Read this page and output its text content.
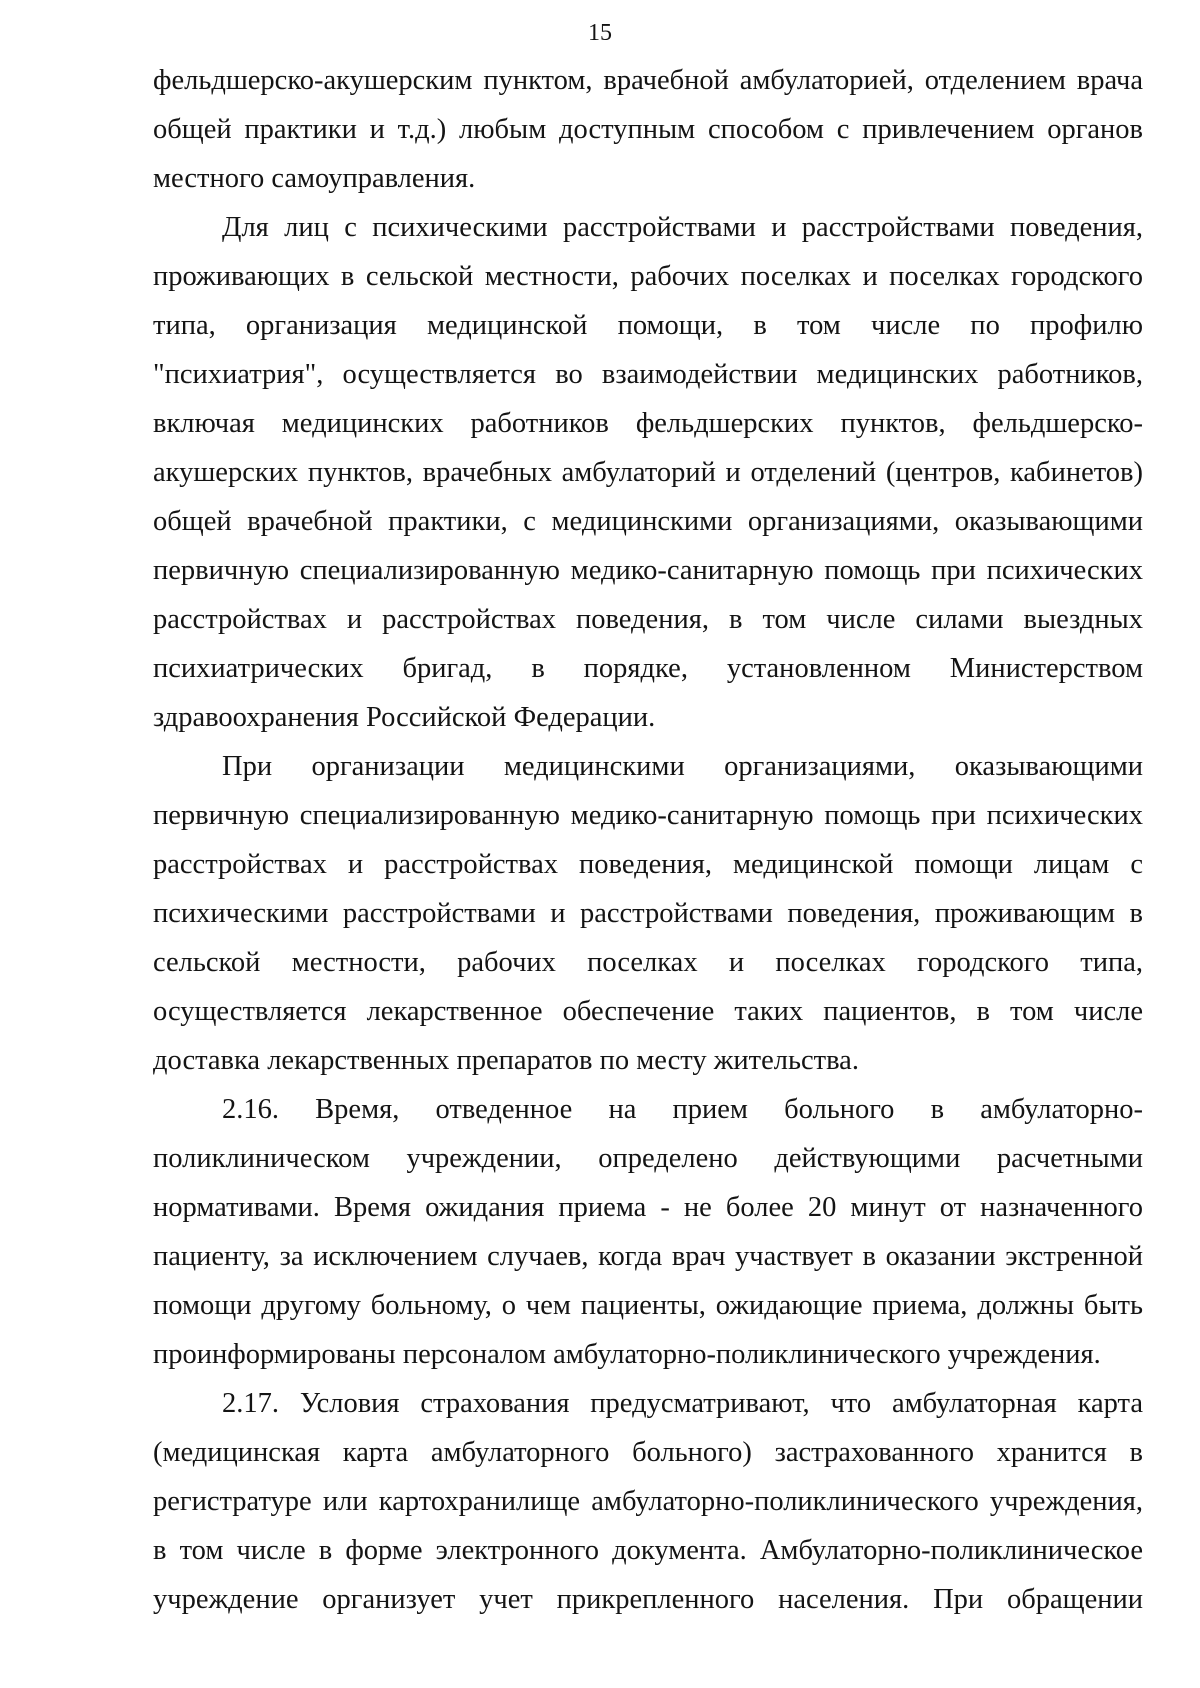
15
фельдшерско-акушерским пунктом, врачебной амбулаторией, отделением врача
общей практики и т.д.) любым доступным способом с привлечением органов
местного самоуправления.
Для лиц с психическими расстройствами и расстройствами поведения,
проживающих в сельской местности, рабочих поселках и поселках городского
типа, организация медицинской помощи, в том числе по профилю
"психиатрия", осуществляется во взаимодействии медицинских работников,
включая медицинских работников фельдшерских пунктов, фельдшерско-
акушерских пунктов, врачебных амбулаторий и отделений (центров, кабинетов)
общей врачебной практики, с медицинскими организациями, оказывающими
первичную специализированную медико-санитарную помощь при психических
расстройствах и расстройствах поведения, в том числе силами выездных
психиатрических бригад, в порядке, установленном Министерством
здравоохранения Российской Федерации.
При организации медицинскими организациями, оказывающими
первичную специализированную медико-санитарную помощь при психических
расстройствах и расстройствах поведения, медицинской помощи лицам с
психическими расстройствами и расстройствами поведения, проживающим в
сельской местности, рабочих поселках и поселках городского типа,
осуществляется лекарственное обеспечение таких пациентов, в том числе
доставка лекарственных препаратов по месту жительства.
2.16. Время, отведенное на прием больного в амбулаторно-
поликлиническом учреждении, определено действующими расчетными
нормативами. Время ожидания приема - не более 20 минут от назначенного
пациенту, за исключением случаев, когда врач участвует в оказании экстренной
помощи другому больному, о чем пациенты, ожидающие приема, должны быть
проинформированы персоналом амбулаторно-поликлинического учреждения.
2.17. Условия страхования предусматривают, что амбулаторная карта
(медицинская карта амбулаторного больного) застрахованного хранится в
регистратуре или картохранилище амбулаторно-поликлинического учреждения,
в том числе в форме электронного документа. Амбулаторно-поликлиническое
учреждение организует учет прикрепленного населения. При обращении
